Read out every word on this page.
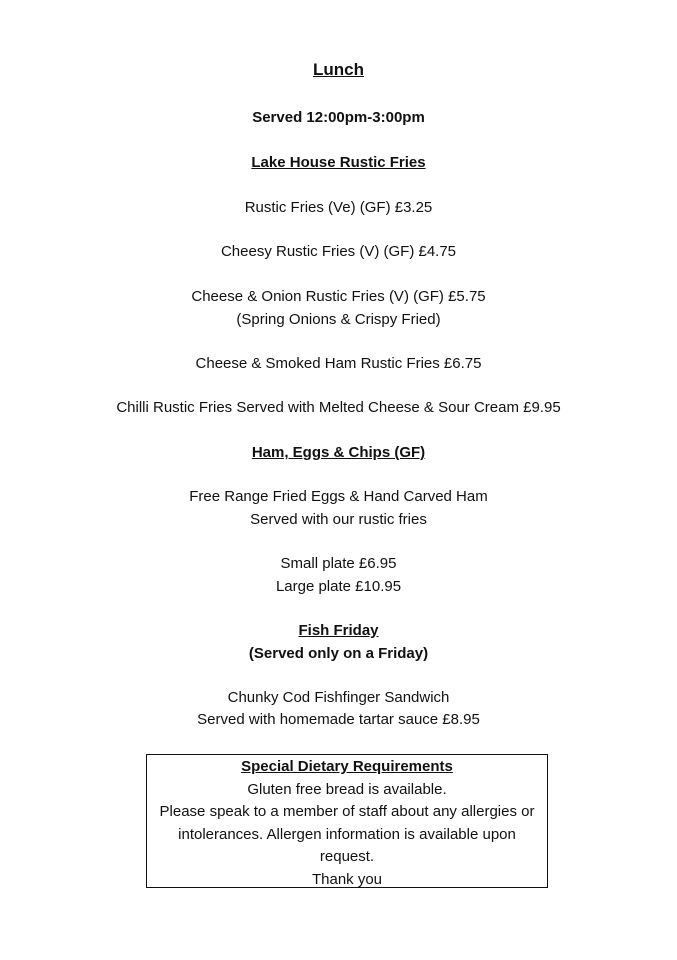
Lunch
Served 12:00pm-3:00pm
Lake House Rustic Fries
Rustic Fries (Ve) (GF) £3.25
Cheesy Rustic Fries (V) (GF) £4.75
Cheese & Onion Rustic Fries (V) (GF) £5.75
(Spring Onions & Crispy Fried)
Cheese & Smoked Ham Rustic Fries £6.75
Chilli Rustic Fries Served with Melted Cheese & Sour Cream £9.95
Ham, Eggs & Chips (GF)
Free Range Fried Eggs & Hand Carved Ham
Served with our rustic fries
Small plate £6.95
Large plate £10.95
Fish Friday
(Served only on a Friday)
Chunky Cod Fishfinger Sandwich
Served with homemade tartar sauce £8.95
Special Dietary Requirements
Gluten free bread is available.
Please speak to a member of staff about any allergies or
intolerances. Allergen information is available upon
request.
Thank you
